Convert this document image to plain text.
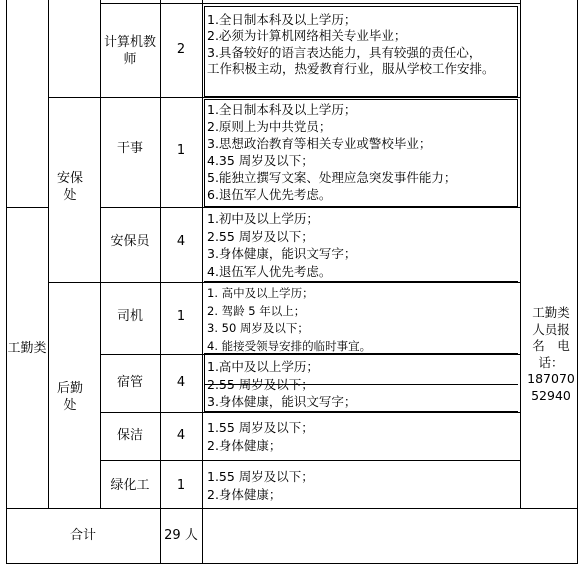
工勤类
安保处
后勤处
计算机教师
干事
安保员
司机
宿管
保洁
绿化工
2
1
4
1
4
4
1
1.全日制本科及以上学历；
2.必须为计算机网络相关专业毕业；
3.具备较好的语言表达能力，具有较强的责任心，
工作积极主动，热爱教育行业，服从学校工作安排。
1.全日制本科及以上学历；
2.原则上为中共党员；
3.思想政治教育等相关专业或警校毕业；
4.35 周岁及以下；
5.能独立撰写文案、处理应急突发事件能力；
6.退伍军人优先考虑。
1.初中及以上学历；
2.55 周岁及以下；
3.身体健康，能识文写字；
4.退伍军人优先考虑。
1. 高中及以上学历；
2. 驾龄 5 年以上；
3. 50 周岁及以下；
4. 能接受领导安排的临时事宜。
1.高中及以上学历；
2.55 周岁及以下；
3.身体健康，能识文写字；
1.55 周岁及以下；
2.身体健康；
1.55 周岁及以下；
2.身体健康；
工勤类
人员报
名　电
话：
187070
52940
合计	29 人
